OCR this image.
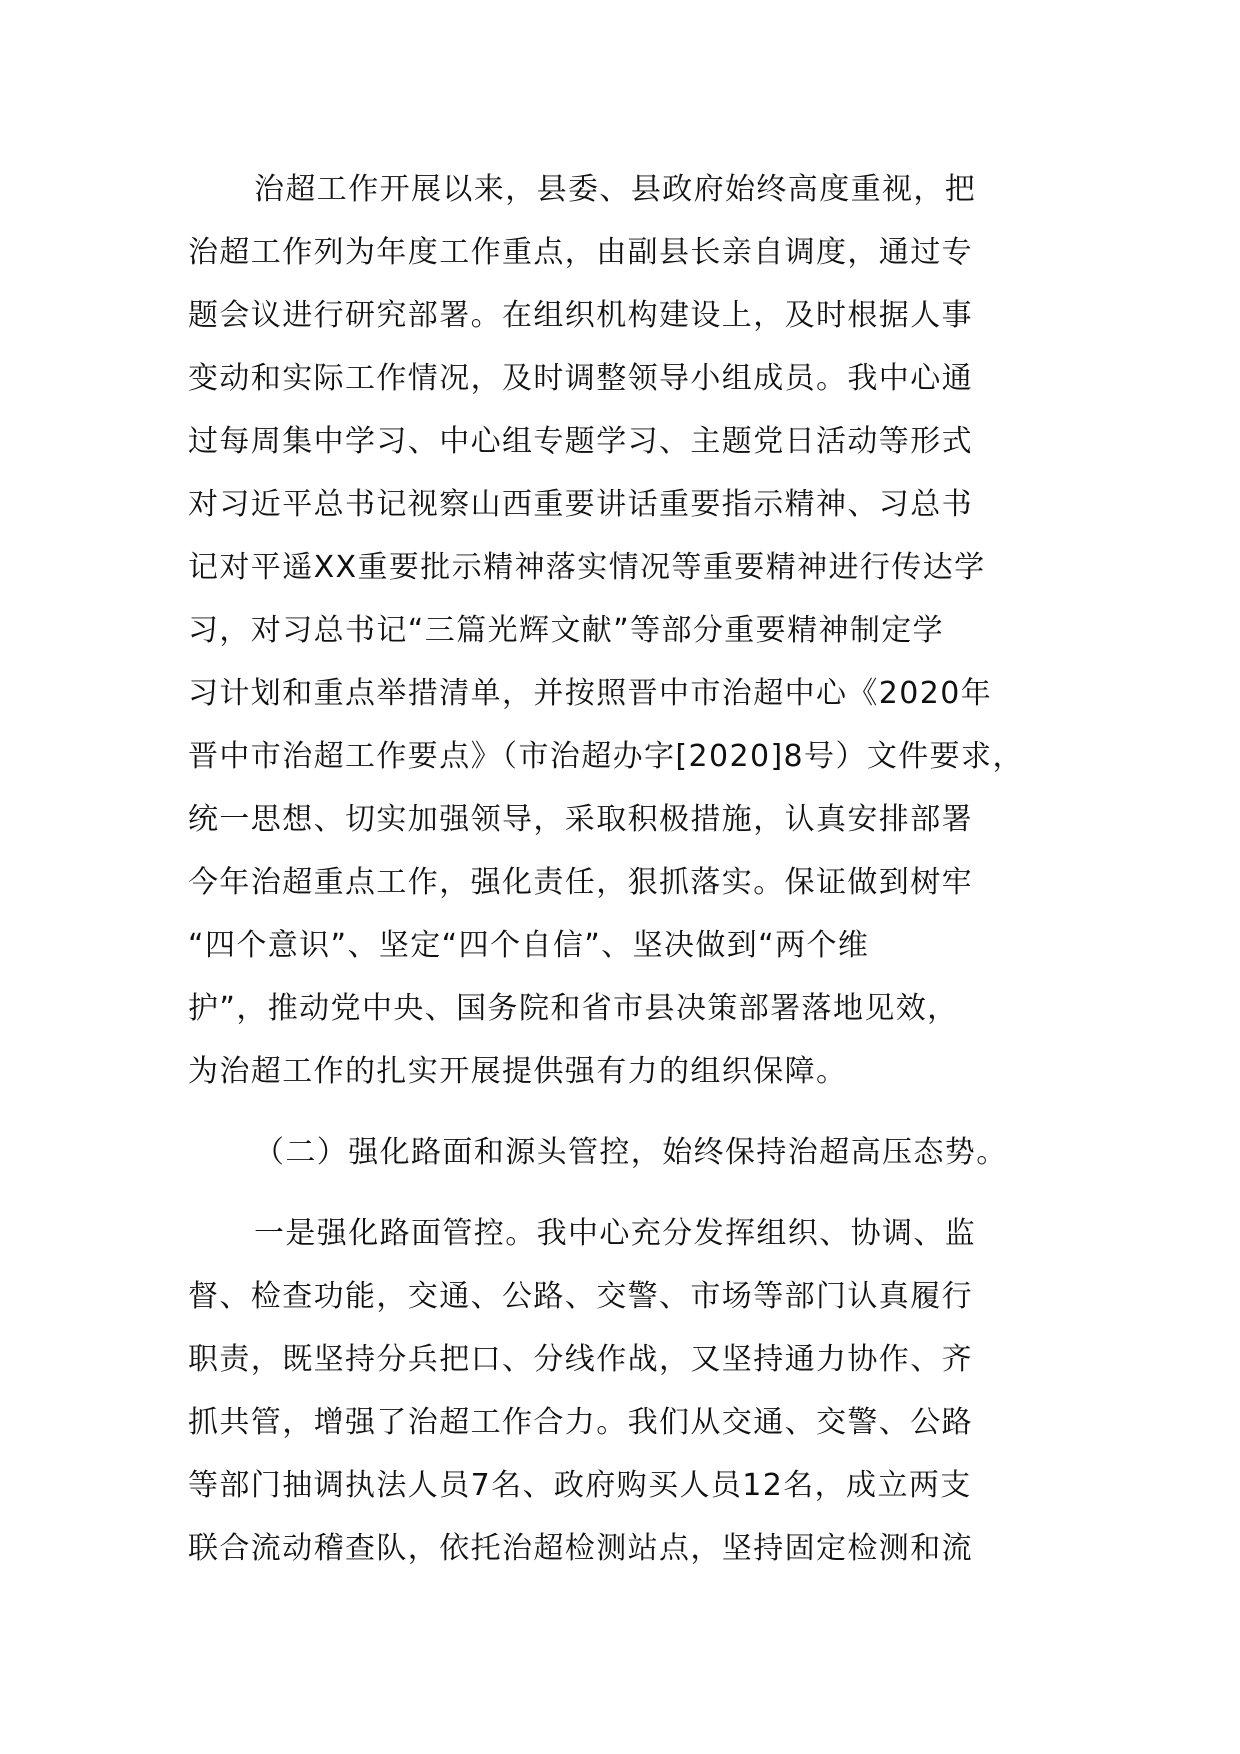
治超工作开展以来，县委、县政府始终高度重视，把
治超工作列为年度工作重点，由副县长亲自调度，通过专
题会议进行研究部署。在组织机构建设上，及时根据人事
变动和实际工作情况，及时调整领导小组成员。我中心通
过每周集中学习、中心组专题学习、主题党日活动等形式
对习近平总书记视察山西重要讲话重要指示精神、习总书
记对平遥XX重要批示精神落实情况等重要精神进行传达学
习，对习总书记“三篇光辉文献”等部分重要精神制定学
习计划和重点举措清单，并按照晋中市治超中心《2020年
晋中市治超工作要点》（市治超办字[2020]8号）文件要求，
统一思想、切实加强领导，采取积极措施，认真安排部署
今年治超重点工作，强化责任，狠抓落实。保证做到树牢
“四个意识”、坚定“四个自信”、坚决做到“两个维
护”，推动党中央、国务院和省市县决策部署落地见效，
为治超工作的扎实开展提供强有力的组织保障。
（二）强化路面和源头管控，始终保持治超高压态势。
一是强化路面管控。我中心充分发挥组织、协调、监
督、检查功能，交通、公路、交警、市场等部门认真履行
职责，既坚持分兵把口、分线作战，又坚持通力协作、齐
抓共管，增强了治超工作合力。我们从交通、交警、公路
等部门抽调执法人员7名、政府购买人员12名，成立两支
联合流动稽查队，依托治超检测站点，坚持固定检测和流
